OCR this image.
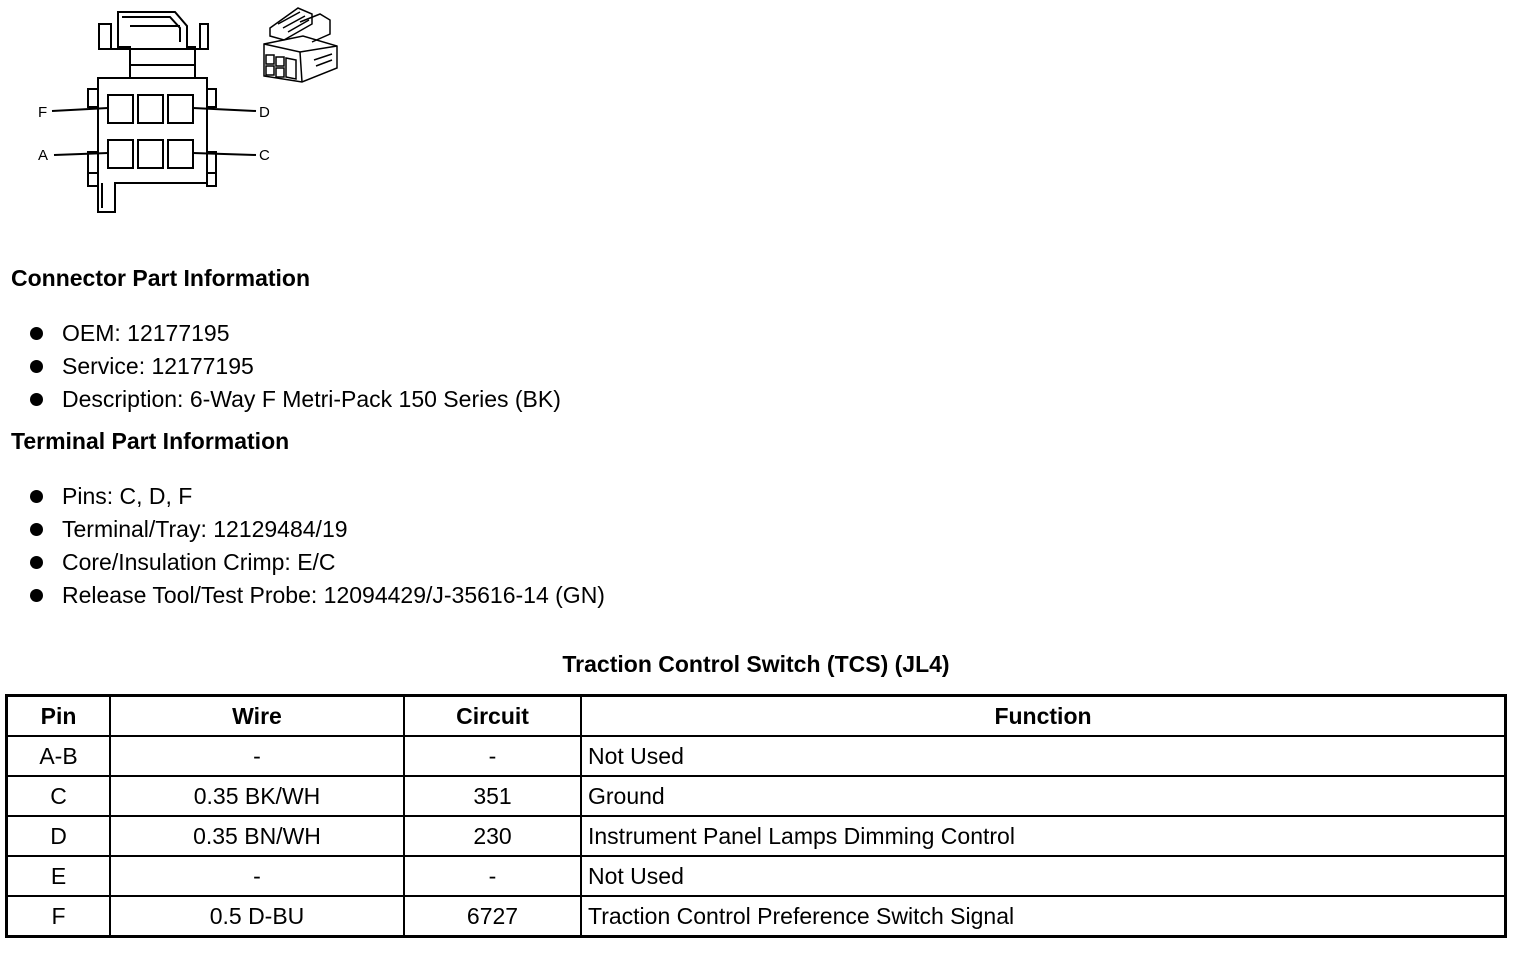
F	D
A	C
Connector Part Information
OEM: 12177195
Service: 12177195
Description: 6-Way F Metri-Pack 150 Series (BK)
Terminal Part Information
Pins: C, D, F
Terminal/Tray: 12129484/19
Core/Insulation Crimp: E/C
Release Tool/Test Probe: 12094429/J-35616-14 (GN)
Traction Control Switch (TCS) (JL4)
Pin	Wire	Circuit	Function
A-B	-	-	Not Used
C	0.35 BK/WH	351	Ground
D	0.35 BN/WH	230	Instrument Panel Lamps Dimming Control
E	-	-	Not Used
F	0.5 D-BU	6727	Traction Control Preference Switch Signal
